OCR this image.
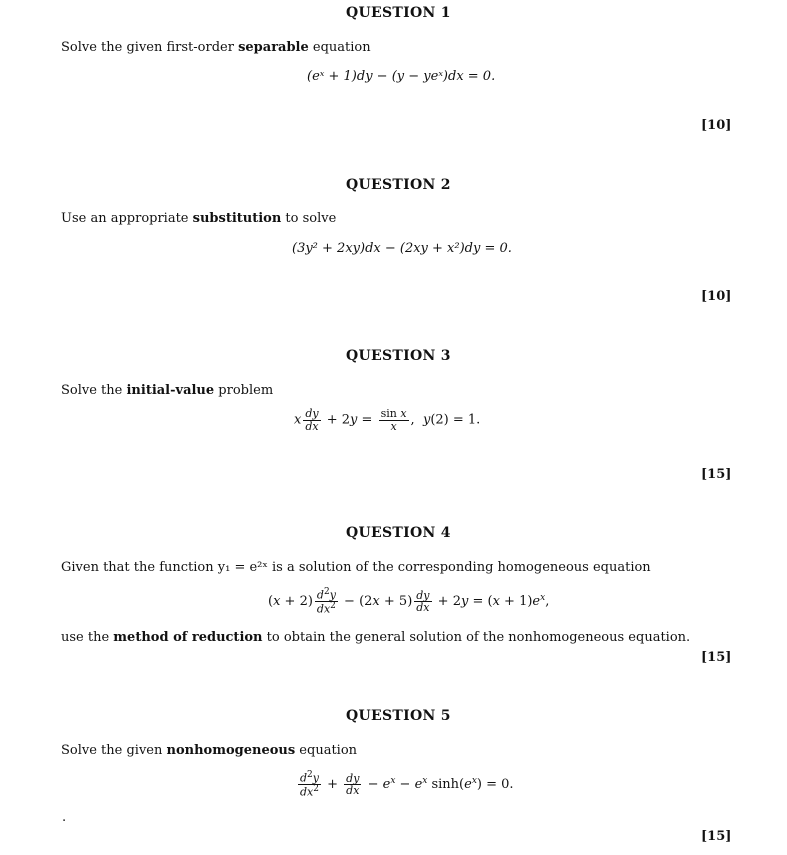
QUESTION 1
Solve the given first-order separable equation
(eˣ + 1)dy − (y − yeˣ)dx = 0.
[10]
QUESTION 2
Use an appropriate substitution to solve
(3y² + 2xy)dx − (2xy + x²)dy = 0.
[10]
QUESTION 3
Solve the initial-value problem
x $\frac{dy}{dx} + 2y = \frac{\text{sin x}}{x}$ ,  y(2) = 1.
[15]
QUESTION 4
Given that the function y₁ = e²ˣ is a solution of the corresponding homogeneous equation
$(x + 2) \frac{d^2y}{dx^2} - (2x + 5) \frac{dy}{dx} + 2y = (x + 1)e^x$,
use the method of reduction to obtain the general solution of the nonhomogeneous equation.
[15]
QUESTION 5
Solve the given nonhomogeneous equation
$\frac{d^2y}{dx^2} + \frac{dy}{dx} - e^x - e^x$ $\sinh(e^x) = 0$.
.
[15]
